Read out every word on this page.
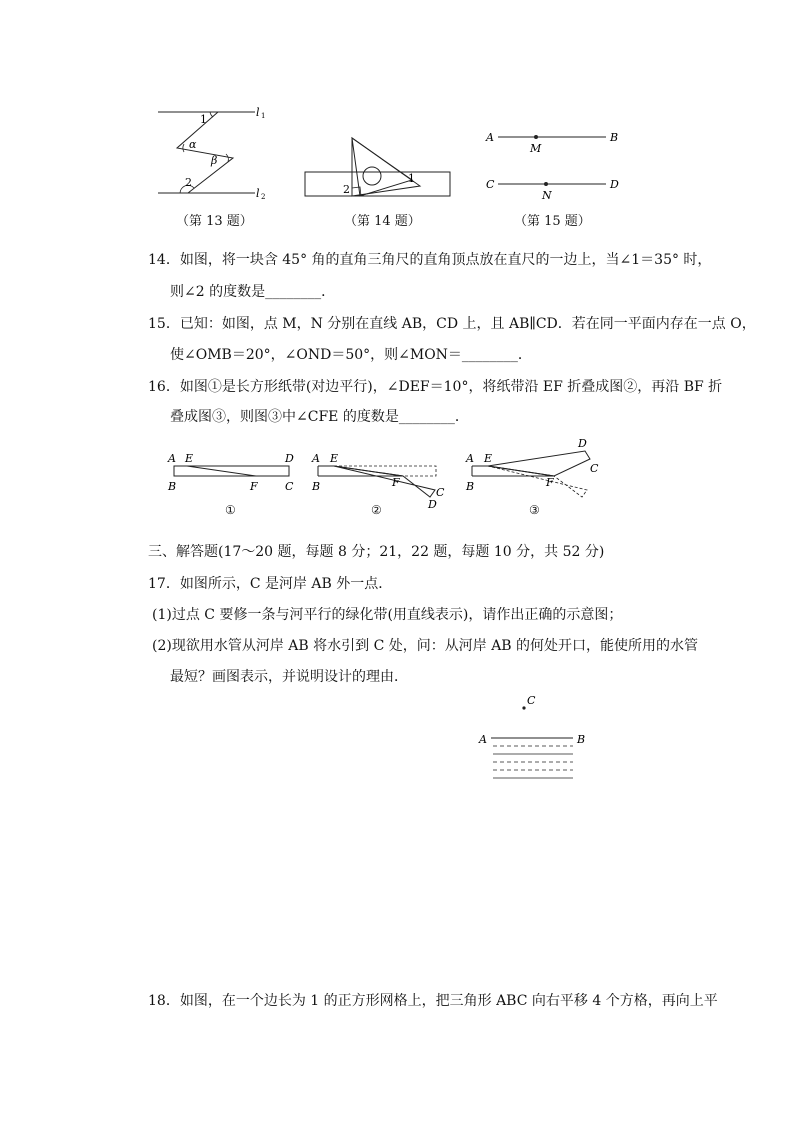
l 1
l 2
1
α
β
2
（第 13 题）
1
2
（第 14 题）
A	B
M
C	D
N
（第 15 题）
14．如图，将一块含 45° 角的直角三角尺的直角顶点放在直尺的一边上，当∠1＝35° 时，
则∠2 的度数是________．
15．已知：如图，点 M，N 分别在直线 AB，CD 上，且 AB∥CD．若在同一平面内存在一点 O，
使∠OMB＝20°，∠OND＝50°，则∠MON＝________．
16．如图①是长方形纸带(对边平行)，∠DEF＝10°，将纸带沿 EF 折叠成图②，再沿 BF 折
叠成图③，则图③中∠CFE 的度数是________．
A E	D
B	F C
①
A E
B	F
C
D
②
A E
D
C
B	F
③
三、解答题(17～20 题，每题 8 分；21，22 题，每题 10 分，共 52 分)
17．如图所示，C 是河岸 AB 外一点．
(1)过点 C 要修一条与河平行的绿化带(用直线表示)，请作出正确的示意图；
(2)现欲用水管从河岸 AB 将水引到 C 处，问：从河岸 AB 的何处开口，能使所用的水管
最短？画图表示，并说明设计的理由．
C
A	B
18．如图，在一个边长为 1 的正方形网格上，把三角形 ABC 向右平移 4 个方格，再向上平
